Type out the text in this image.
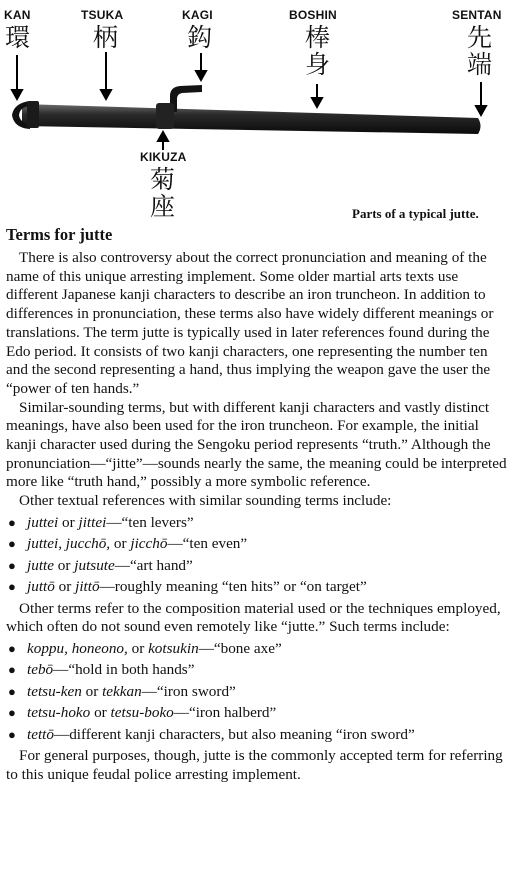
KAN
環
TSUKA
柄
KAGI
鈎
BOSHIN
棒身
SENTAN
先端
KIKUZA
菊座	Parts of a typical jutte.
Terms for jutte

There is also controversy about the correct pronunciation and meaning of the name of this unique arresting implement. Some older martial arts texts use different Japanese kanji characters to describe an iron truncheon. In addition to differences in pronunciation, these terms also have widely different meanings or translations. The term jutte is typically used in later references found during the Edo period. It consists of two kanji characters, one representing the number ten and the second representing a hand, thus implying the weapon gave the user the “power of ten hands.”

Similar-sounding terms, but with different kanji characters and vastly distinct meanings, have also been used for the iron truncheon. For example, the initial kanji character used during the Sengoku period represents “truth.” Although the pronunciation—“jitte”—sounds nearly the same, the meaning could be interpreted more like “truth hand,” possibly a more symbolic reference.

Other textual references with similar sounding terms include:

● juttei or jittei—“ten levers”
● juttei, jucchō, or jicchō—“ten even”
● jutte or jutsute—“art hand”
● juttō or jittō—roughly meaning “ten hits” or “on target”

Other terms refer to the composition material used or the techniques employed, which often do not sound even remotely like “jutte.” Such terms include:

● koppu, honeono, or kotsukin—“bone axe”
● tebō—“hold in both hands”
● tetsu-ken or tekkan—“iron sword”
● tetsu-hoko or tetsu-boko—“iron halberd”
● tettō—different kanji characters, but also meaning “iron sword”

For general purposes, though, jutte is the commonly accepted term for referring to this unique feudal police arresting implement.
